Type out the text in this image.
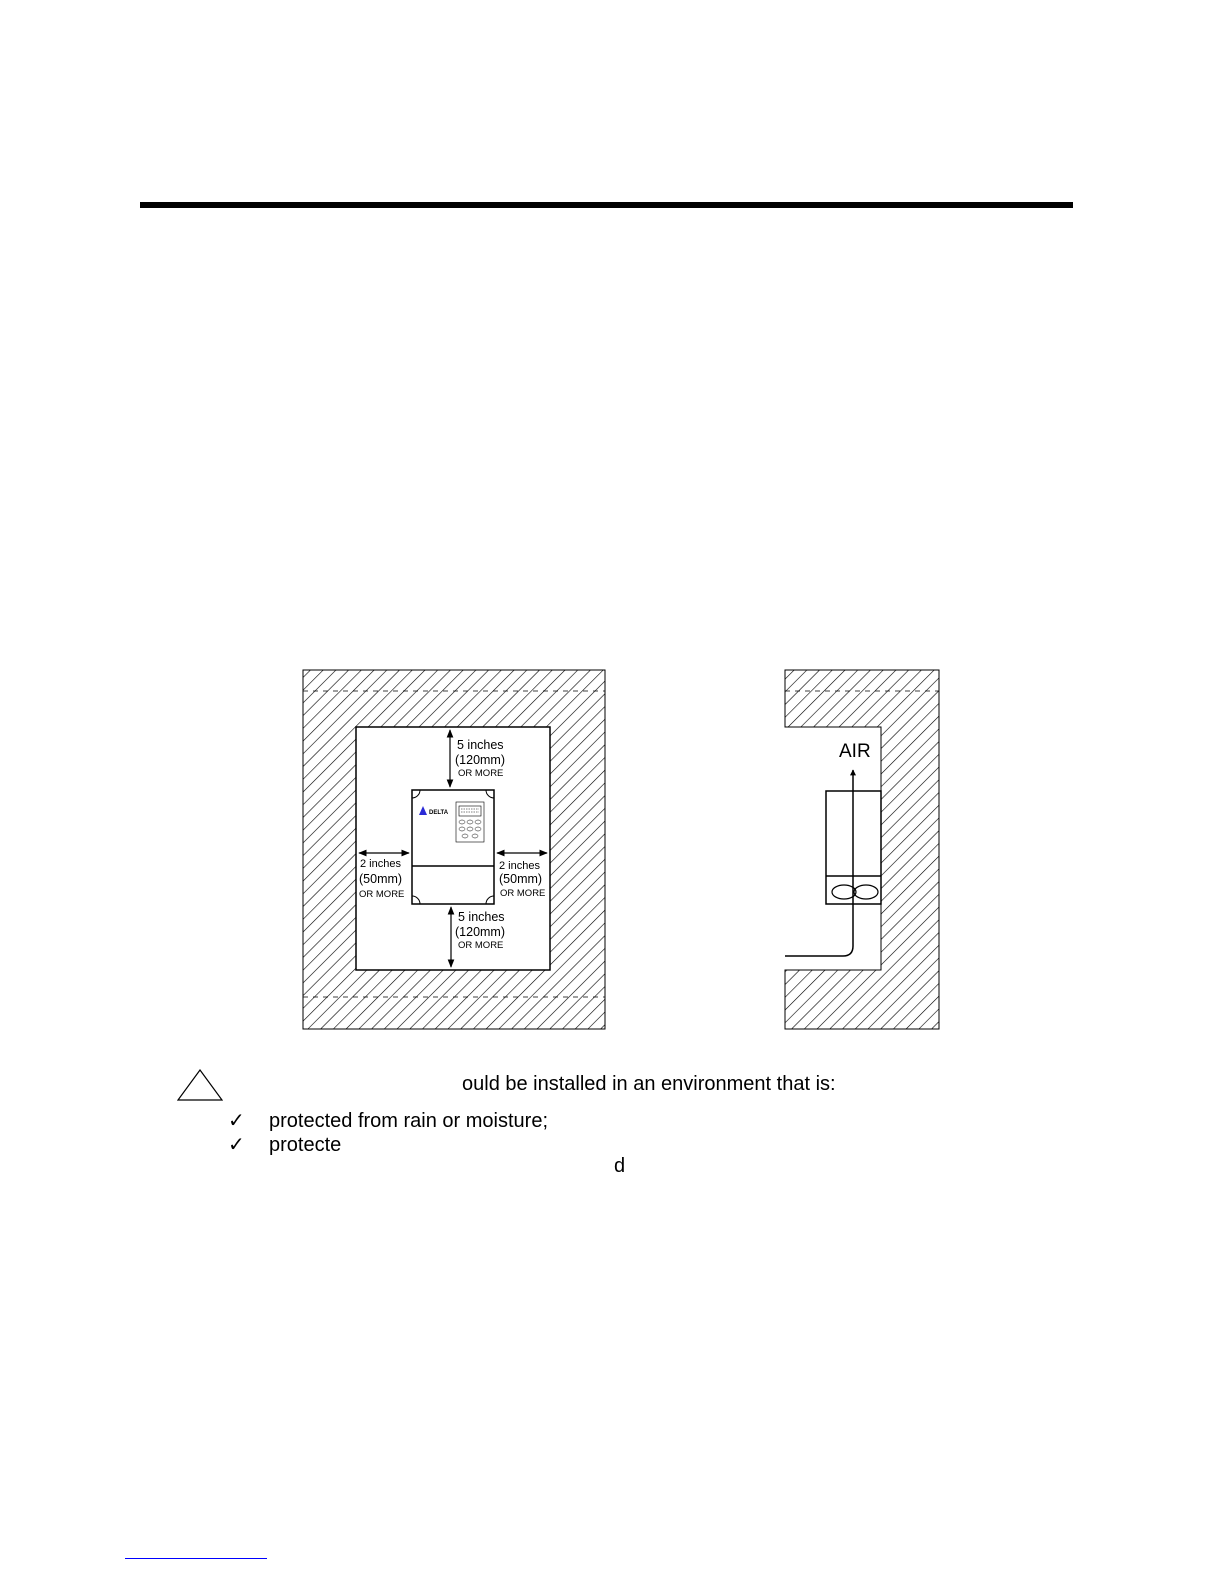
DELTA
5 inches
(120mm)
OR MORE
5 inches
(120mm)
OR MORE
2 inches
(50mm)
OR MORE
2 inches
(50mm)
OR MORE
AIR
ould be installed in an environment that is:
✓ protected from rain or moisture;
✓ protecte
d
